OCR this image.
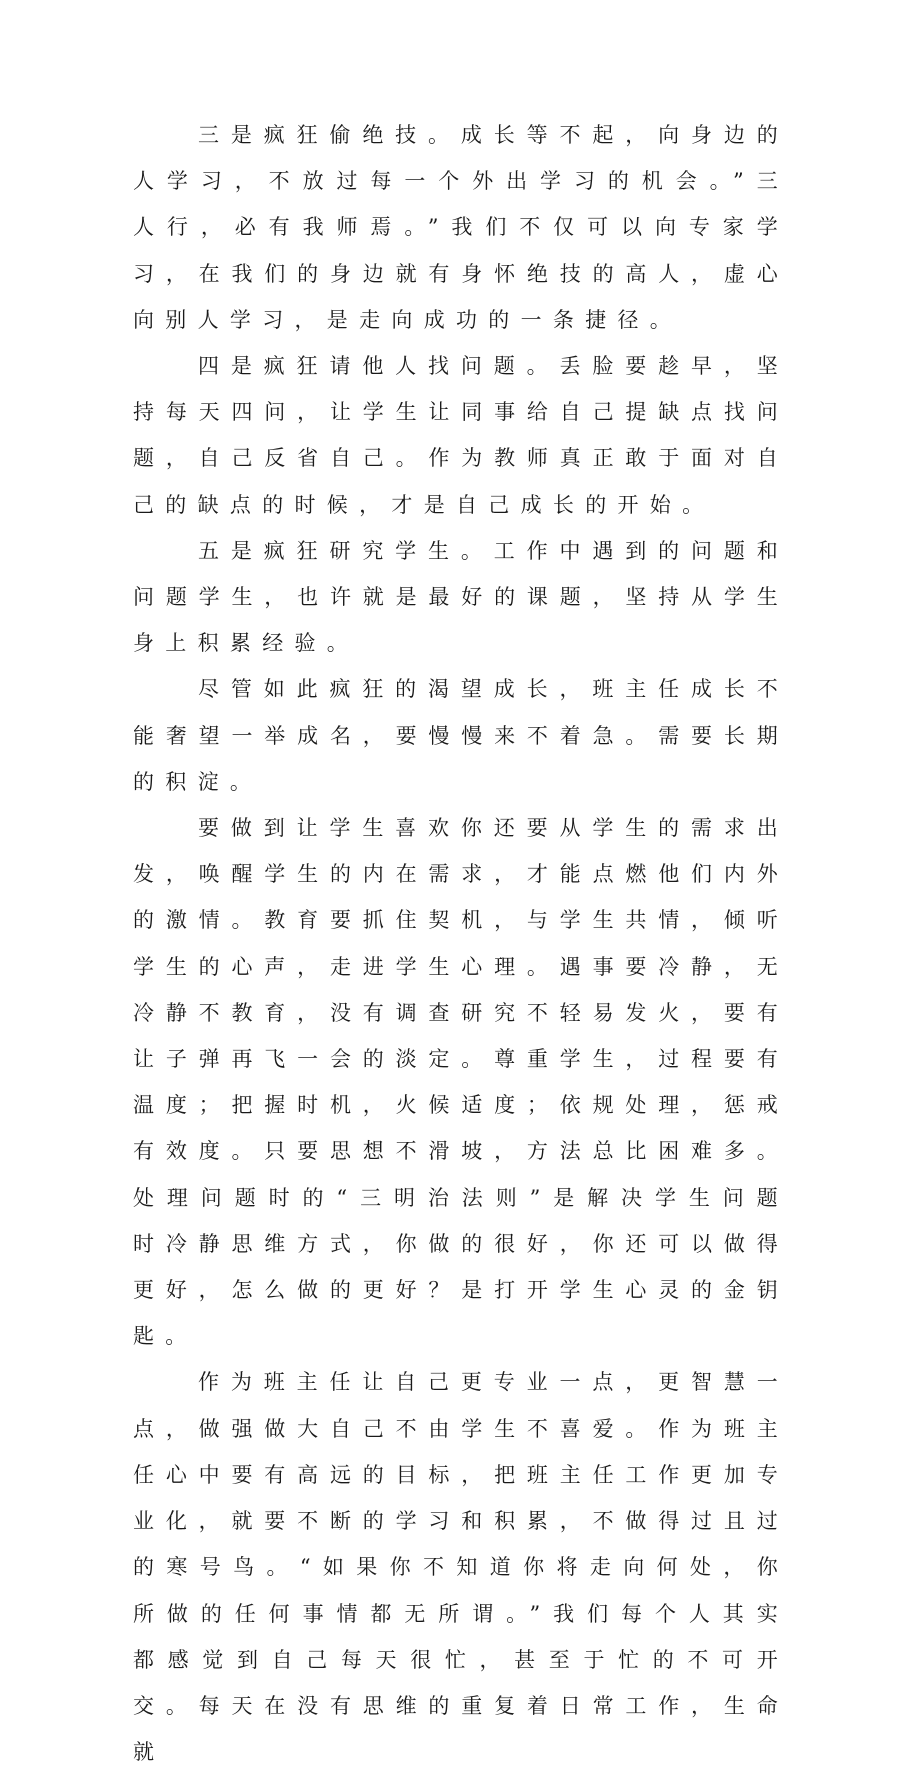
三是疯狂偷绝技。成长等不起，向身边的人学习，不放过每一个外出学习的机会。”三人行，必有我师焉。”我们不仅可以向专家学习，在我们的身边就有身怀绝技的高人，虚心向别人学习，是走向成功的一条捷径。

四是疯狂请他人找问题。丢脸要趁早，坚持每天四问，让学生让同事给自己提缺点找问题，自己反省自己。作为教师真正敢于面对自己的缺点的时候，才是自己成长的开始。

五是疯狂研究学生。工作中遇到的问题和问题学生，也许就是最好的课题，坚持从学生身上积累经验。

尽管如此疯狂的渴望成长，班主任成长不能奢望一举成名，要慢慢来不着急。需要长期的积淀。

要做到让学生喜欢你还要从学生的需求出发，唤醒学生的内在需求，才能点燃他们内外的激情。教育要抓住契机，与学生共情，倾听学生的心声，走进学生心理。遇事要冷静，无冷静不教育，没有调查研究不轻易发火，要有让子弹再飞一会的淡定。尊重学生，过程要有温度；把握时机，火候适度；依规处理，惩戒有效度。只要思想不滑坡，方法总比困难多。处理问题时的“三明治法则”是解决学生问题时冷静思维方式，你做的很好，你还可以做得更好，怎么做的更好？是打开学生心灵的金钥匙。

作为班主任让自己更专业一点，更智慧一点，做强做大自己不由学生不喜爱。作为班主任心中要有高远的目标，把班主任工作更加专业化，就要不断的学习和积累，不做得过且过的寒号鸟。“如果你不知道你将走向何处，你所做的任何事情都无所谓。”我们每个人其实都感觉到自己每天很忙，甚至于忙的不可开交。每天在没有思维的重复着日常工作，生命就
